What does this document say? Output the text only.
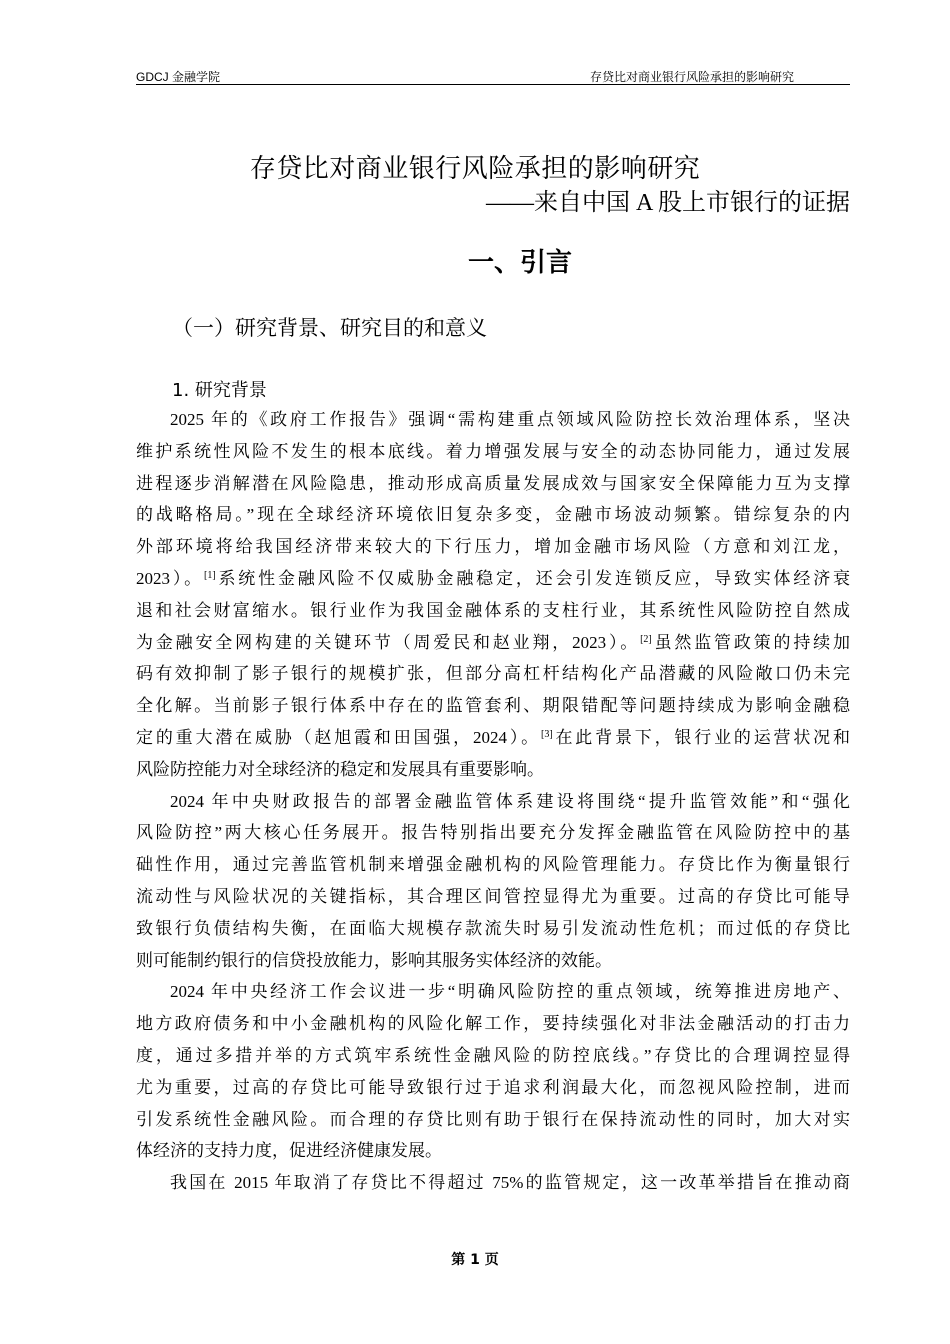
GDCJ 金融学院	存贷比对商业银行风险承担的影响研究
存贷比对商业银行风险承担的影响研究
——来自中国 A 股上市银行的证据
一、引言
（一）研究背景、研究目的和意义
1. 研究背景
2025 年的《政府工作报告》强调“需构建重点领域风险防控长效治理体系，坚决
维护系统性风险不发生的根本底线。着力增强发展与安全的动态协同能力，通过发展
进程逐步消解潜在风险隐患，推动形成高质量发展成效与国家安全保障能力互为支撑
的战略格局。”现在全球经济环境依旧复杂多变，金融市场波动频繁。错综复杂的内
外部环境将给我国经济带来较大的下行压力，增加金融市场风险（方意和刘江龙，
2023）。[1]系统性金融风险不仅威胁金融稳定，还会引发连锁反应，导致实体经济衰
退和社会财富缩水。银行业作为我国金融体系的支柱行业，其系统性风险防控自然成
为金融安全网构建的关键环节（周爱民和赵业翔，2023）。[2]虽然监管政策的持续加
码有效抑制了影子银行的规模扩张，但部分高杠杆结构化产品潜藏的风险敞口仍未完
全化解。当前影子银行体系中存在的监管套利、期限错配等问题持续成为影响金融稳
定的重大潜在威胁（赵旭霞和田国强，2024）。[3]在此背景下，银行业的运营状况和
风险防控能力对全球经济的稳定和发展具有重要影响。
2024 年中央财政报告的部署金融监管体系建设将围绕“提升监管效能”和“强化
风险防控”两大核心任务展开。报告特别指出要充分发挥金融监管在风险防控中的基
础性作用，通过完善监管机制来增强金融机构的风险管理能力。存贷比作为衡量银行
流动性与风险状况的关键指标，其合理区间管控显得尤为重要。过高的存贷比可能导
致银行负债结构失衡，在面临大规模存款流失时易引发流动性危机；而过低的存贷比
则可能制约银行的信贷投放能力，影响其服务实体经济的效能。
2024 年中央经济工作会议进一步“明确风险防控的重点领域，统筹推进房地产、
地方政府债务和中小金融机构的风险化解工作，要持续强化对非法金融活动的打击力
度，通过多措并举的方式筑牢系统性金融风险的防控底线。”存贷比的合理调控显得
尤为重要，过高的存贷比可能导致银行过于追求利润最大化，而忽视风险控制，进而
引发系统性金融风险。而合理的存贷比则有助于银行在保持流动性的同时，加大对实
体经济的支持力度，促进经济健康发展。
我国在 2015 年取消了存贷比不得超过 75%的监管规定，这一改革举措旨在推动商
第 1 页
